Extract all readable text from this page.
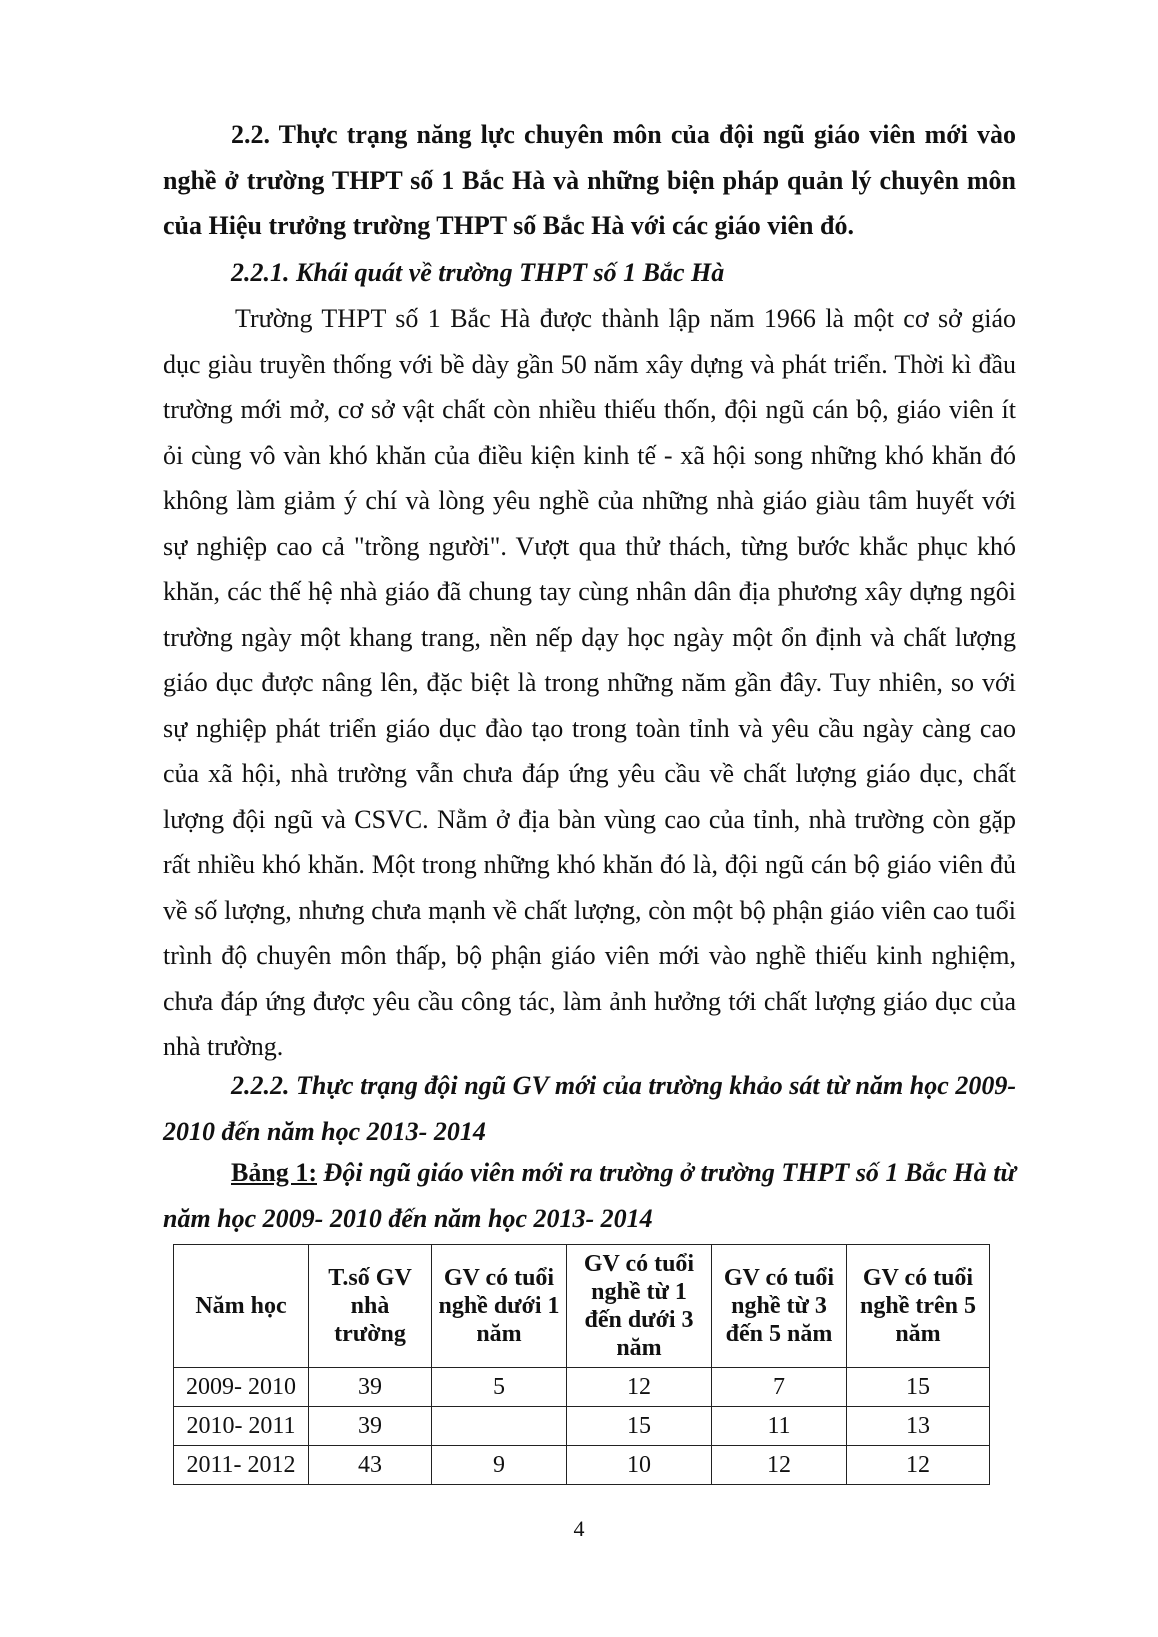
2.2. Thực trạng năng lực chuyên môn của đội ngũ giáo viên mới vào nghề ở trường THPT số 1 Bắc Hà và những biện pháp quản lý chuyên môn của Hiệu trưởng trường THPT số Bắc Hà với các giáo viên đó.
2.2.1. Khái quát về trường THPT số 1 Bắc Hà
Trường THPT số 1 Bắc Hà được thành lập năm 1966 là một cơ sở giáo dục giàu truyền thống với bề dày gần 50 năm xây dựng và phát triển. Thời kì đầu trường mới mở, cơ sở vật chất còn nhiều thiếu thốn, đội ngũ cán bộ, giáo viên ít ỏi cùng vô vàn khó khăn của điều kiện kinh tế - xã hội song những khó khăn đó không làm giảm ý chí và lòng yêu nghề của những nhà giáo giàu tâm huyết với sự nghiệp cao cả "trồng người". Vượt qua thử thách, từng bước khắc phục khó khăn, các thế hệ nhà giáo đã chung tay cùng nhân dân địa phương xây dựng ngôi trường ngày một khang trang, nền nếp dạy học ngày một ổn định và chất lượng giáo dục được nâng lên, đặc biệt là trong những năm gần đây. Tuy nhiên, so với sự nghiệp phát triển giáo dục đào tạo trong toàn tỉnh và yêu cầu ngày càng cao của xã hội, nhà trường vẫn chưa đáp ứng yêu cầu về chất lượng giáo dục, chất lượng đội ngũ và CSVC. Nằm ở địa bàn vùng cao của tỉnh, nhà trường còn gặp rất nhiều khó khăn. Một trong những khó khăn đó là, đội ngũ cán bộ giáo viên đủ về số lượng, nhưng chưa mạnh về chất lượng, còn một bộ phận giáo viên cao tuổi trình độ chuyên môn thấp, bộ phận giáo viên mới vào nghề thiếu kinh nghiệm, chưa đáp ứng được yêu cầu công tác, làm ảnh hưởng tới chất lượng giáo dục của nhà trường.
2.2.2. Thực trạng đội ngũ GV mới của trường khảo sát từ năm học 2009-2010 đến năm học 2013- 2014
Bảng 1: Đội ngũ giáo viên mới ra trường ở trường THPT số 1 Bắc Hà từ năm học 2009- 2010 đến năm học 2013- 2014
Năm học	T.số GV nhà trường	GV có tuổi nghề dưới 1 năm	GV có tuổi nghề từ 1 đến dưới 3 năm	GV có tuổi nghề từ 3 đến 5 năm	GV có tuổi nghề trên 5 năm
2009- 2010	39	5	12	7	15
2010- 2011	39		15	11	13
2011- 2012	43	9	10	12	12
4
